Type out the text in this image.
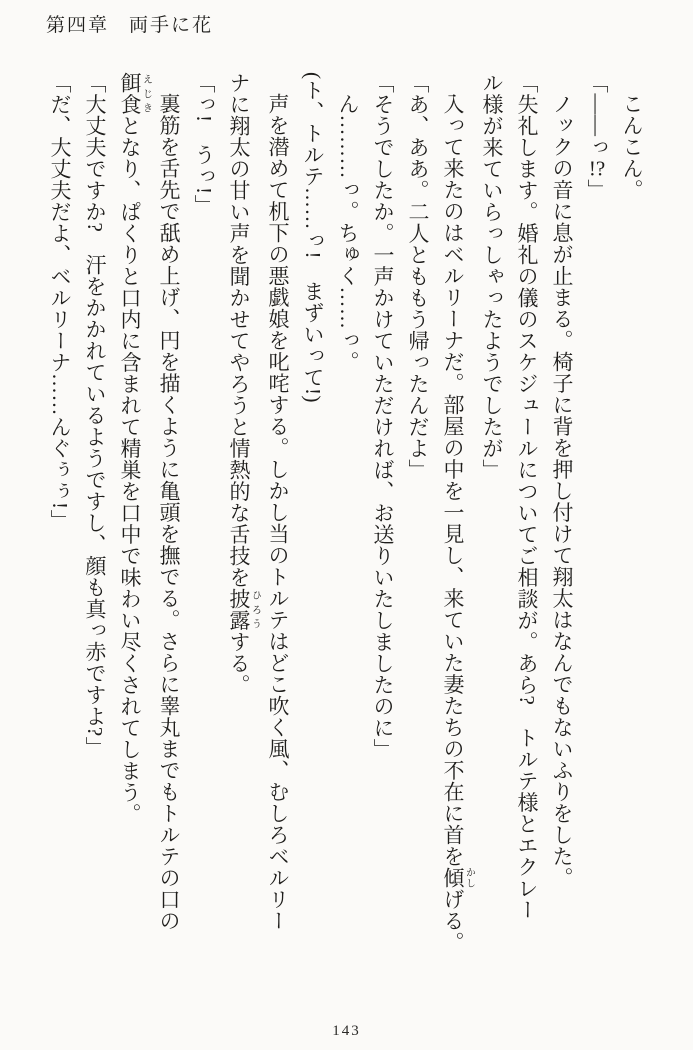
第四章 両手に花

こんこん。

「――っ!?」

ノックの音に息が止まる。椅子に背を押し付けて翔太はなんでもないふりをした。

「失礼します。婚礼の儀のスケジュールについてご相談が。あら?　トルテ様とエクレー

ル様が来ていらっしゃったようでしたが」

入って来たのはベルリーナだ。部屋の中を一見し、来ていた妻たちの不在に首を傾かしげる。

「あ、ああ。二人とももう帰ったんだよ」

「そうでしたか。一声かけていただければ、お送りいたしましたのに」

ん………っ。ちゅく……っ。

(ト、トルテ……っ!　まずいって!)

声を潜めて机下の悪戯娘を叱咤する。しかし当のトルテはどこ吹く風、むしろベルリー

ナに翔太の甘い声を聞かせてやろうと情熱的な舌技を披露ひろうする。

「っ!　うっ!」

裏筋を舌先で舐め上げ、円を描くように亀頭を撫でる。さらに睾丸までもトルテの口の

餌食えじきとなり、ぱくりと口内に含まれて精巣を口中で味わい尽くされてしまう。

「大丈夫ですか?　汗をかかれているようですし、顔も真っ赤ですよ?」

「だ、大丈夫だよ、ベルリーナ……んぐぅぅ!」

143
